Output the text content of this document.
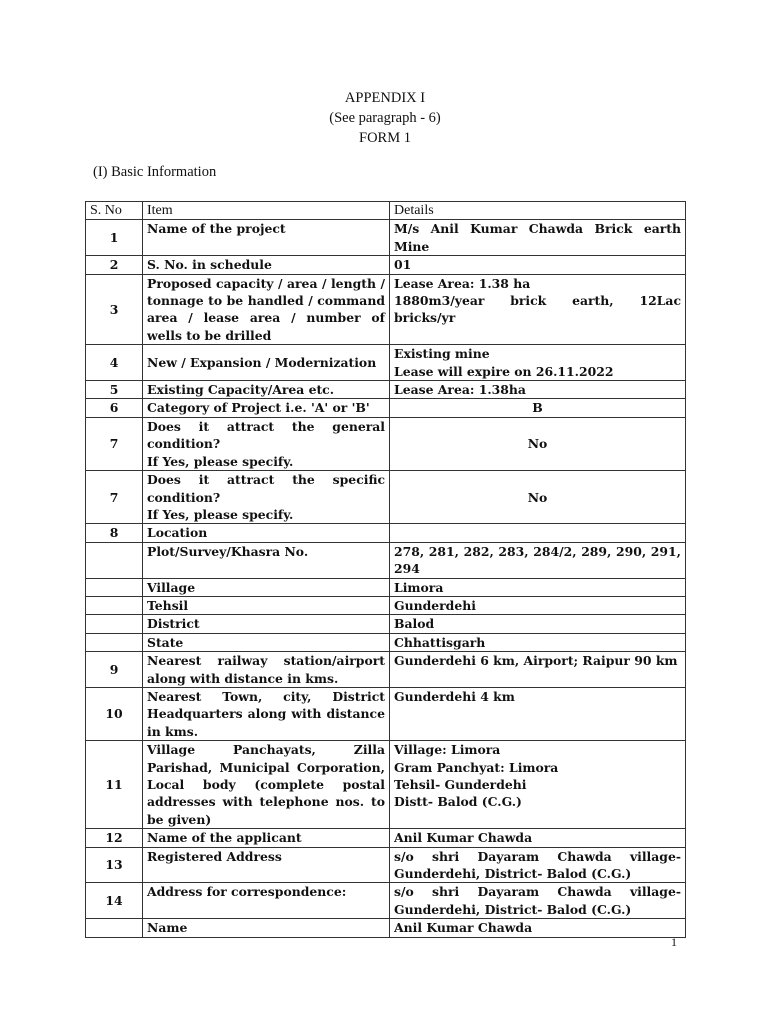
APPENDIX I
(See paragraph - 6)
FORM 1
(I) Basic Information
S. No	Item	Details
1	Name of the project	M/s Anil Kumar Chawda Brick earth Mine

2	S. No. in schedule	01

3	Proposed capacity / area / length / tonnage to be handled / command area / lease area / number of wells to be drilled	Lease Area: 1.38 ha
1880m3/year brick earth, 12Lac bricks/yr

4	New / Expansion / Modernization	Existing mine
Lease will expire on 26.11.2022

5	Existing Capacity/Area etc.	Lease Area: 1.38ha

6	Category of Project i.e. 'A' or 'B'	B

7	Does it attract the general condition?
If Yes, please specify.	No

7	Does it attract the specific condition?
If Yes, please specify.	No

8	Location	

	Plot/Survey/Khasra No.	278, 281, 282, 283, 284/2, 289, 290, 291, 294

	Village	Limora

	Tehsil	Gunderdehi

	District	Balod

	State	Chhattisgarh

9	Nearest railway station/airport along with distance in kms.	Gunderdehi 6 km, Airport; Raipur 90 km

10	Nearest Town, city, District Headquarters along with distance in kms.	Gunderdehi 4 km

11	Village Panchayats, Zilla Parishad, Municipal Corporation, Local body (complete postal addresses with telephone nos. to be given)	Village: Limora
Gram Panchyat: Limora
Tehsil- Gunderdehi
Distt- Balod (C.G.)

12	Name of the applicant	Anil Kumar Chawda

13	Registered Address	s/o shri Dayaram Chawda village-Gunderdehi, District- Balod (C.G.)

14	Address for correspondence:	s/o shri Dayaram Chawda village-Gunderdehi, District- Balod (C.G.)

	Name	Anil Kumar Chawda
1
